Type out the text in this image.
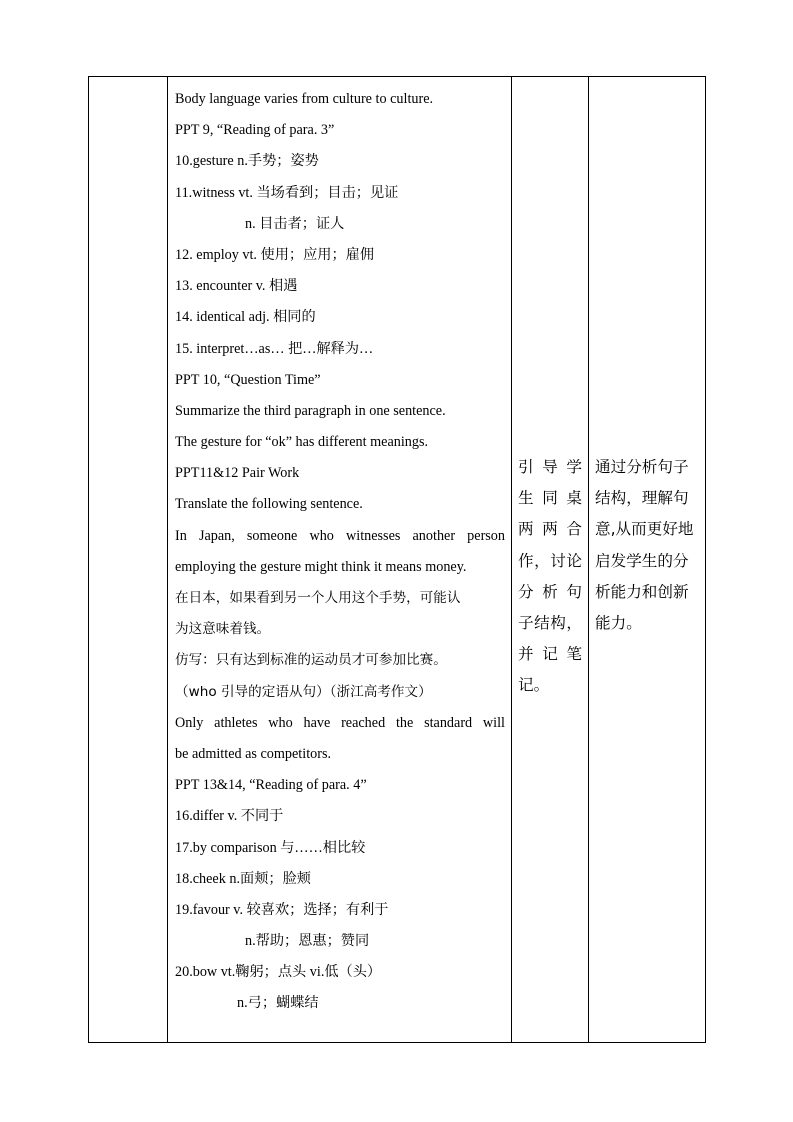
Body language varies from culture to culture.
PPT 9, “Reading of para. 3”
10.gesture n.手势；姿势
11.witness vt. 当场看到；目击；见证
n. 目击者；证人
12. employ vt. 使用；应用；雇佣
13. encounter v. 相遇
14. identical adj. 相同的
15. interpret…as… 把…解释为…
PPT 10, “Question Time”
Summarize the third paragraph in one sentence.
The gesture for “ok” has different meanings.
PPT11&12 Pair Work
Translate the following sentence.
In Japan, someone who witnesses another person
employing the gesture might think it means money.
在日本，如果看到另一个人用这个手势，可能认
为这意味着钱。
仿写：只有达到标准的运动员才可参加比赛。
（who 引导的定语从句）（浙江高考作文）
Only athletes who have reached the standard will
be admitted as competitors.
PPT 13&14, “Reading of para. 4”
16.differ v. 不同于
17.by comparison 与……相比较
18.cheek n.面颊；脸颊
19.favour v. 较喜欢；选择；有利于
n.帮助；恩惠；赞同
20.bow vt.鞠躬；点头 vi.低（头）
n.弓；蝴蝶结
引导学
生同桌
两两合
作，讨论
分析句
子结构，
并记笔
记。
通过分析句子
结构，理解句
意,从而更好地
启发学生的分
析能力和创新
能力。
